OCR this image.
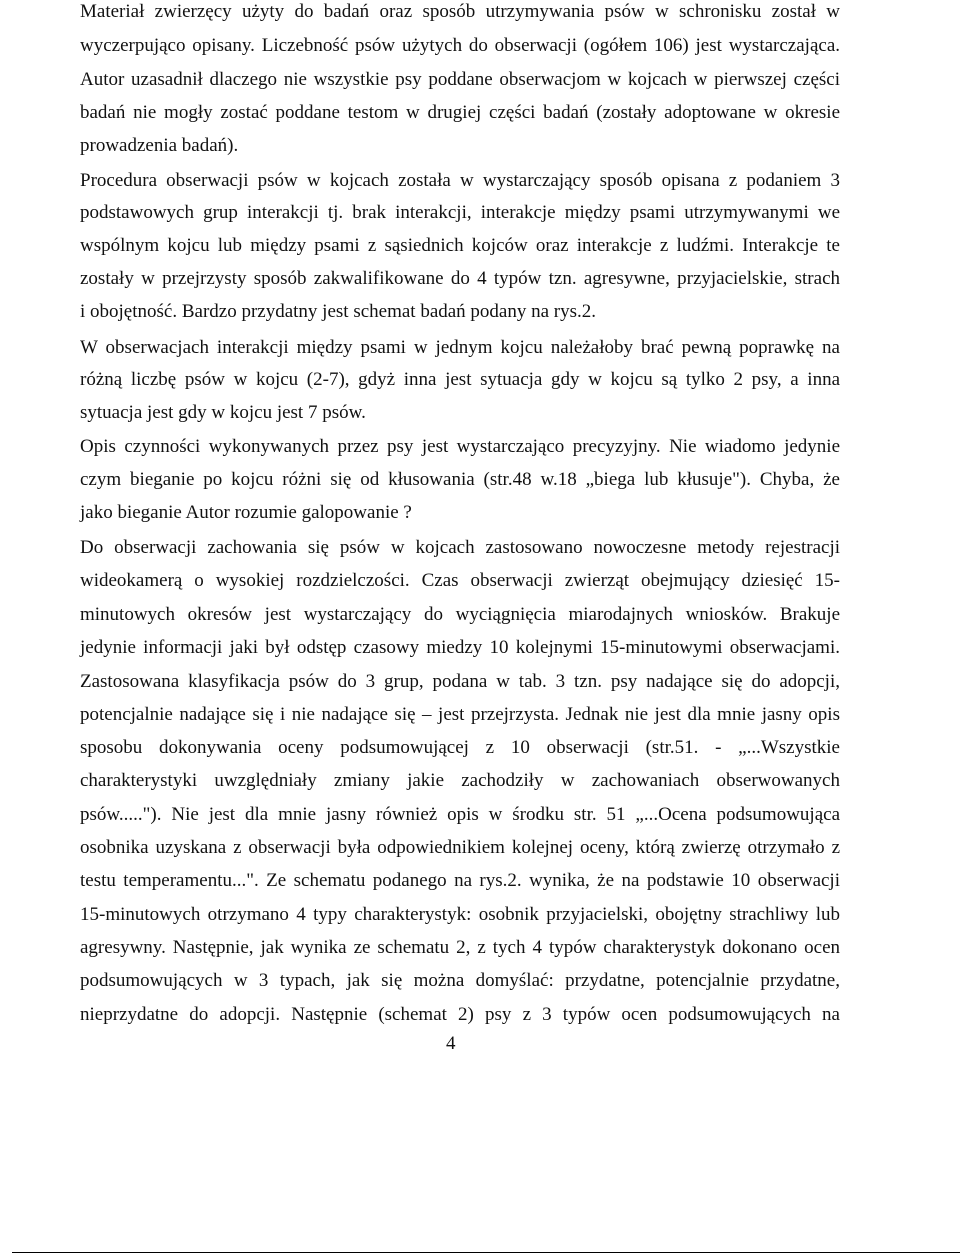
Materiał zwierzęcy użyty do badań oraz sposób utrzymywania psów w schronisku został w
wyczerpująco opisany. Liczebność psów użytych do obserwacji (ogółem 106) jest wystarczająca.
Autor uzasadnił dlaczego nie wszystkie psy poddane obserwacjom w kojcach w pierwszej części
badań nie mogły zostać poddane testom w drugiej części badań (zostały adoptowane w okresie
prowadzenia badań).
Procedura obserwacji psów w kojcach została w wystarczający sposób opisana z podaniem 3
podstawowych grup interakcji tj. brak interakcji, interakcje między psami utrzymywanymi we
wspólnym kojcu lub między psami z sąsiednich kojców oraz interakcje z ludźmi. Interakcje te
zostały w przejrzysty sposób zakwalifikowane do 4 typów tzn. agresywne, przyjacielskie, strach
i obojętność. Bardzo przydatny jest schemat badań podany na rys.2.
W obserwacjach interakcji między psami w jednym kojcu należałoby brać pewną poprawkę na
różną liczbę psów w kojcu (2-7), gdyż inna jest sytuacja gdy w kojcu są tylko 2 psy, a inna
sytuacja jest gdy w kojcu jest 7 psów.
Opis czynności wykonywanych przez psy jest wystarczająco precyzyjny. Nie wiadomo jedynie
czym bieganie po kojcu różni się od kłusowania (str.48 w.18 „biega lub kłusuje"). Chyba, że
jako bieganie Autor rozumie galopowanie ?
Do obserwacji zachowania się psów w kojcach zastosowano nowoczesne metody rejestracji
wideokamerą o wysokiej rozdzielczości. Czas obserwacji zwierząt obejmujący dziesięć 15-
minutowych okresów jest wystarczający do wyciągnięcia miarodajnych wniosków. Brakuje
jedynie informacji jaki był odstęp czasowy miedzy 10 kolejnymi 15-minutowymi obserwacjami.
Zastosowana klasyfikacja psów do 3 grup, podana w tab. 3 tzn. psy nadające się do adopcji,
potencjalnie nadające się i nie nadające się – jest przejrzysta. Jednak nie jest dla mnie jasny opis
sposobu dokonywania oceny podsumowującej z 10 obserwacji (str.51. - „...Wszystkie
charakterystyki uwzględniały zmiany jakie zachodziły w zachowaniach obserwowanych
psów....."). Nie jest dla mnie jasny również opis w środku str. 51 „...Ocena podsumowująca
osobnika uzyskana z obserwacji była odpowiednikiem kolejnej oceny, którą zwierzę otrzymało z
testu temperamentu...". Ze schematu podanego na rys.2. wynika, że na podstawie 10 obserwacji
15-minutowych otrzymano 4 typy charakterystyk: osobnik przyjacielski, obojętny strachliwy lub
agresywny. Następnie, jak wynika ze schematu 2, z tych 4 typów charakterystyk dokonano ocen
podsumowujących w 3 typach, jak się można domyślać: przydatne, potencjalnie przydatne,
nieprzydatne do adopcji. Następnie (schemat 2) psy z 3 typów ocen podsumowujących na
4
